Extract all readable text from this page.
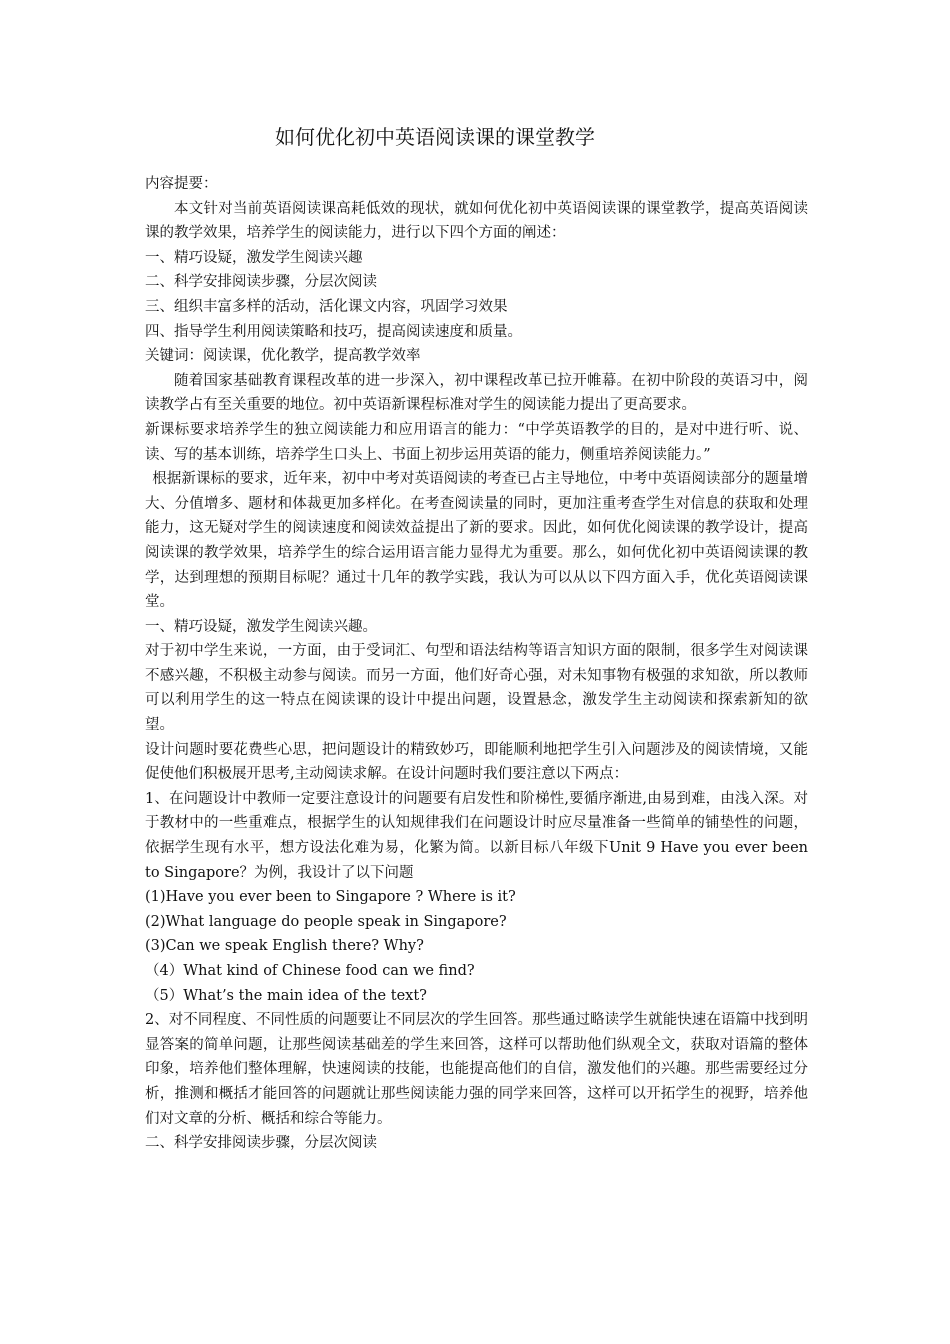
如何优化初中英语阅读课的课堂教学

内容提要：

本文针对当前英语阅读课高耗低效的现状，就如何优化初中英语阅读课的课堂教学，提高英语阅读课的教学效果，培养学生的阅读能力，进行以下四个方面的阐述：

一、精巧设疑，激发学生阅读兴趣

二、科学安排阅读步骤，分层次阅读

三、组织丰富多样的活动，活化课文内容，巩固学习效果

四、指导学生利用阅读策略和技巧，提高阅读速度和质量。

关键词：阅读课，优化教学，提高教学效率

随着国家基础教育课程改革的进一步深入，初中课程改革已拉开帷幕。在初中阶段的英语习中，阅读教学占有至关重要的地位。初中英语新课程标准对学生的阅读能力提出了更高要求。

新课标要求培养学生的独立阅读能力和应用语言的能力：“中学英语教学的目的，是对中进行听、说、读、写的基本训练，培养学生口头上、书面上初步运用英语的能力，侧重培养阅读能力。”

根据新课标的要求，近年来，初中中考对英语阅读的考查已占主导地位，中考中英语阅读部分的题量增大、分值增多、题材和体裁更加多样化。在考查阅读量的同时，更加注重考查学生对信息的获取和处理能力，这无疑对学生的阅读速度和阅读效益提出了新的要求。因此，如何优化阅读课的教学设计，提高阅读课的教学效果，培养学生的综合运用语言能力显得尤为重要。那么，如何优化初中英语阅读课的教学，达到理想的预期目标呢？通过十几年的教学实践，我认为可以从以下四方面入手，优化英语阅读课堂。

一、精巧设疑，激发学生阅读兴趣。

对于初中学生来说，一方面，由于受词汇、句型和语法结构等语言知识方面的限制，很多学生对阅读课不感兴趣，不积极主动参与阅读。而另一方面，他们好奇心强，对未知事物有极强的求知欲，所以教师可以利用学生的这一特点在阅读课的设计中提出问题，设置悬念，激发学生主动阅读和探索新知的欲望。

设计问题时要花费些心思，把问题设计的精致妙巧，即能顺利地把学生引入问题涉及的阅读情境，又能促使他们积极展开思考,主动阅读求解。在设计问题时我们要注意以下两点：

1、在问题设计中教师一定要注意设计的问题要有启发性和阶梯性,要循序渐进,由易到难，由浅入深。对于教材中的一些重难点，根据学生的认知规律我们在问题设计时应尽量准备一些简单的铺垫性的问题，依据学生现有水平，想方设法化难为易，化繁为简。以新目标八年级下Unit 9 Have you ever been to Singapore？为例，我设计了以下问题

(1)Have you ever been to Singapore ? Where is it?

(2)What language do people speak in Singapore?

(3)Can we speak English there? Why?

（4）What kind of Chinese food can we find?

（5）What’s the main idea of the text?

2、对不同程度、不同性质的问题要让不同层次的学生回答。那些通过略读学生就能快速在语篇中找到明显答案的简单问题，让那些阅读基础差的学生来回答，这样可以帮助他们纵观全文，获取对语篇的整体印象，培养他们整体理解，快速阅读的技能，也能提高他们的自信，激发他们的兴趣。那些需要经过分析，推测和概括才能回答的问题就让那些阅读能力强的同学来回答，这样可以开拓学生的视野，培养他们对文章的分析、概括和综合等能力。

二、科学安排阅读步骤，分层次阅读
